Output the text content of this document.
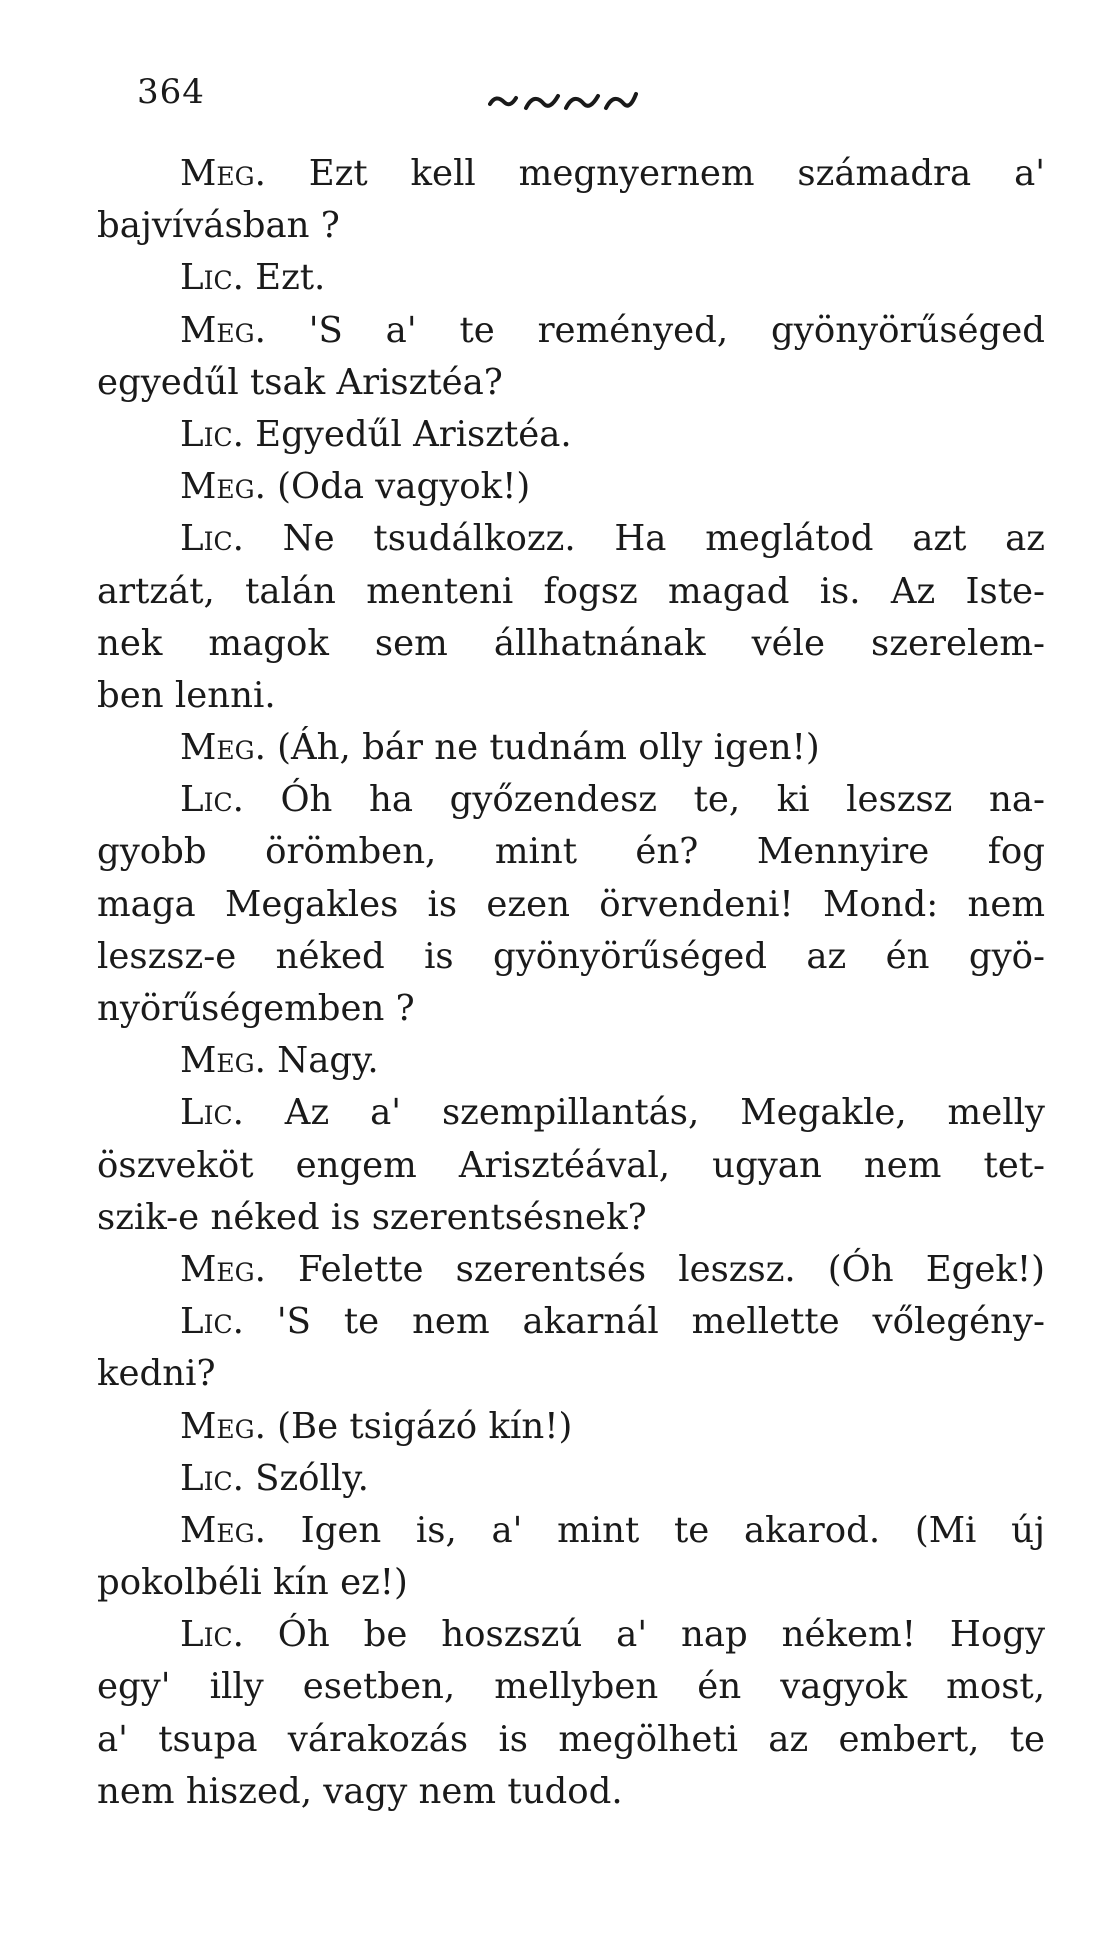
364
Meg. Ezt kell megnyernem számadra a'
bajvívásban ?
Lic. Ezt.
Meg. 'S a' te reményed, gyönyörűséged
egyedűl tsak Arisztéa?
Lic. Egyedűl Arisztéa.
Meg. (Oda vagyok!)
Lic. Ne tsudálkozz. Ha meglátod azt az
artzát, talán menteni fogsz magad is. Az Iste-
nek magok sem állhatnának véle szerelem-
ben lenni.
Meg. (Áh, bár ne tudnám olly igen!)
Lic. Óh ha győzendesz te, ki leszsz na-
gyobb örömben, mint én? Mennyire fog
maga Megakles is ezen örvendeni! Mond: nem
leszsz-e néked is gyönyörűséged az én gyö-
nyörűségemben ?
Meg. Nagy.
Lic. Az a' szempillantás, Megakle, melly
öszveköt engem Arisztéával, ugyan nem tet-
szik-e néked is szerentsésnek?
Meg. Felette szerentsés leszsz. (Óh Egek!)
Lic. 'S te nem akarnál mellette vőlegény-
kedni?
Meg. (Be tsigázó kín!)
Lic. Szólly.
Meg. Igen is, a' mint te akarod. (Mi új
pokolbéli kín ez!)
Lic. Óh be hoszszú a' nap nékem! Hogy
egy' illy esetben, mellyben én vagyok most,
a' tsupa várakozás is megölheti az embert, te
nem hiszed, vagy nem tudod.
